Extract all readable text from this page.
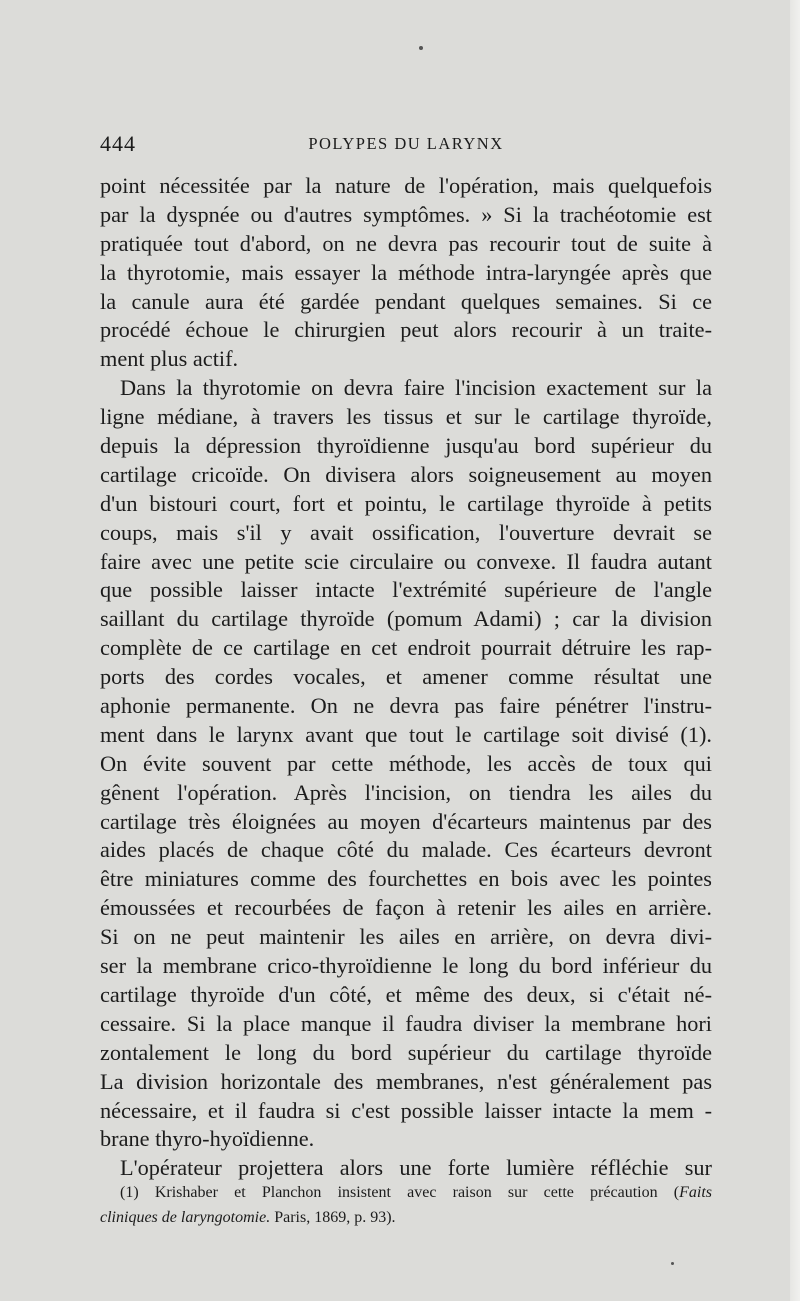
444	POLYPES DU LARYNX
point nécessitée par la nature de l'opération, mais quelquefois
par la dyspnée ou d'autres symptômes. » Si la trachéotomie est
pratiquée tout d'abord, on ne devra pas recourir tout de suite à
la thyrotomie, mais essayer la méthode intra-laryngée après que
la canule aura été gardée pendant quelques semaines. Si ce
procédé échoue le chirurgien peut alors recourir à un traite-
ment plus actif.
Dans la thyrotomie on devra faire l'incision exactement sur la
ligne médiane, à travers les tissus et sur le cartilage thyroïde,
depuis la dépression thyroïdienne jusqu'au bord supérieur du
cartilage cricoïde. On divisera alors soigneusement au moyen
d'un bistouri court, fort et pointu, le cartilage thyroïde à petits
coups, mais s'il y avait ossification, l'ouverture devrait se
faire avec une petite scie circulaire ou convexe. Il faudra autant
que possible laisser intacte l'extrémité supérieure de l'angle
saillant du cartilage thyroïde (pomum Adami) ; car la division
complète de ce cartilage en cet endroit pourrait détruire les rap-
ports des cordes vocales, et amener comme résultat une
aphonie permanente. On ne devra pas faire pénétrer l'instru-
ment dans le larynx avant que tout le cartilage soit divisé (1).
On évite souvent par cette méthode, les accès de toux qui
gênent l'opération. Après l'incision, on tiendra les ailes du
cartilage très éloignées au moyen d'écarteurs maintenus par des
aides placés de chaque côté du malade. Ces écarteurs devront
être miniatures comme des fourchettes en bois avec les pointes
émoussées et recourbées de façon à retenir les ailes en arrière.
Si on ne peut maintenir les ailes en arrière, on devra divi-
ser la membrane crico-thyroïdienne le long du bord inférieur du
cartilage thyroïde d'un côté, et même des deux, si c'était né-
cessaire. Si la place manque il faudra diviser la membrane hori
zontalement le long du bord supérieur du cartilage thyroïde
La division horizontale des membranes, n'est généralement pas
nécessaire, et il faudra si c'est possible laisser intacte la mem -
brane thyro-hyoïdienne.
L'opérateur projettera alors une forte lumière réfléchie sur
(1) Krishaber et Planchon insistent avec raison sur cette précaution (Faits
cliniques de laryngotomie. Paris, 1869, p. 93).
